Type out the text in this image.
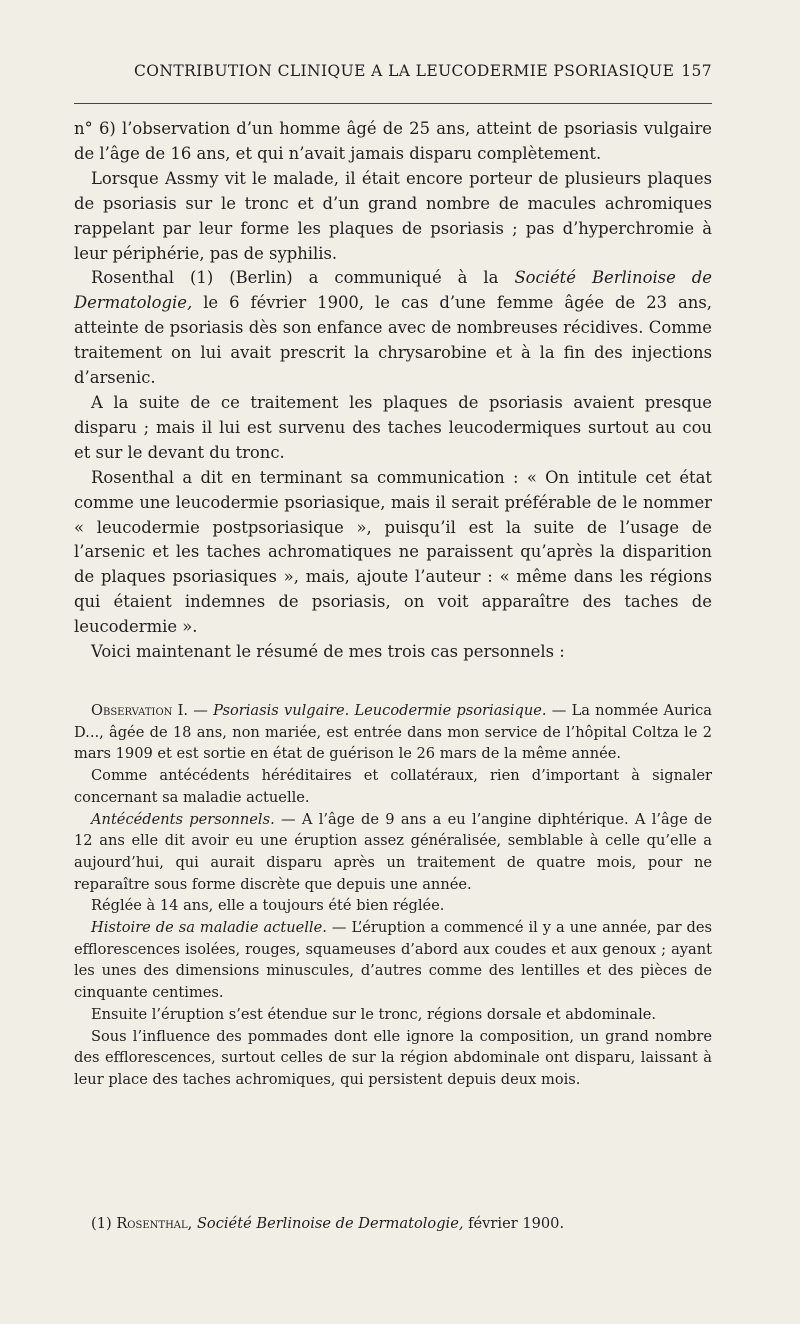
CONTRIBUTION CLINIQUE A LA LEUCODERMIE PSORIASIQUE 157

n° 6) l’observation d’un homme âgé de 25 ans, atteint de psoriasis vulgaire de l’âge de 16 ans, et qui n’avait jamais disparu complètement.

Lorsque Assmy vit le malade, il était encore porteur de plusieurs plaques de psoriasis sur le tronc et d’un grand nombre de macules achromiques rappelant par leur forme les plaques de psoriasis ; pas d’hyperchromie à leur périphérie, pas de syphilis.

Rosenthal (1) (Berlin) a communiqué à la Société Berlinoise de Dermatologie, le 6 février 1900, le cas d’une femme âgée de 23 ans, atteinte de psoriasis dès son enfance avec de nombreuses récidives. Comme traitement on lui avait prescrit la chrysarobine et à la fin des injections d’arsenic.

A la suite de ce traitement les plaques de psoriasis avaient presque disparu ; mais il lui est survenu des taches leucodermiques surtout au cou et sur le devant du tronc.

Rosenthal a dit en terminant sa communication : « On intitule cet état comme une leucodermie psoriasique, mais il serait préférable de le nommer « leucodermie postpsoriasique », puisqu’il est la suite de l’usage de l’arsenic et les taches achromatiques ne paraissent qu’après la disparition de plaques psoriasiques », mais, ajoute l’auteur : « même dans les régions qui étaient indemnes de psoriasis, on voit apparaître des taches de leucodermie ».

Voici maintenant le résumé de mes trois cas personnels :

Observation I. — Psoriasis vulgaire. Leucodermie psoriasique. — La nommée Aurica D..., âgée de 18 ans, non mariée, est entrée dans mon service de l’hôpital Coltza le 2 mars 1909 et est sortie en état de guérison le 26 mars de la même année.

Comme antécédents héréditaires et collatéraux, rien d’important à signaler concernant sa maladie actuelle.

Antécédents personnels. — A l’âge de 9 ans a eu l’angine diphtérique. A l’âge de 12 ans elle dit avoir eu une éruption assez généralisée, semblable à celle qu’elle a aujourd’hui, qui aurait disparu après un traitement de quatre mois, pour ne reparaître sous forme discrète que depuis une année.

Réglée à 14 ans, elle a toujours été bien réglée.

Histoire de sa maladie actuelle. — L’éruption a commencé il y a une année, par des efflorescences isolées, rouges, squameuses d’abord aux coudes et aux genoux ; ayant les unes des dimensions minuscules, d’autres comme des lentilles et des pièces de cinquante centimes.

Ensuite l’éruption s’est étendue sur le tronc, régions dorsale et abdominale.

Sous l’influence des pommades dont elle ignore la composition, un grand nombre des efflorescences, surtout celles de sur la région abdominale ont disparu, laissant à leur place des taches achromiques, qui persistent depuis deux mois.

(1) Rosenthal, Société Berlinoise de Dermatologie, février 1900.
